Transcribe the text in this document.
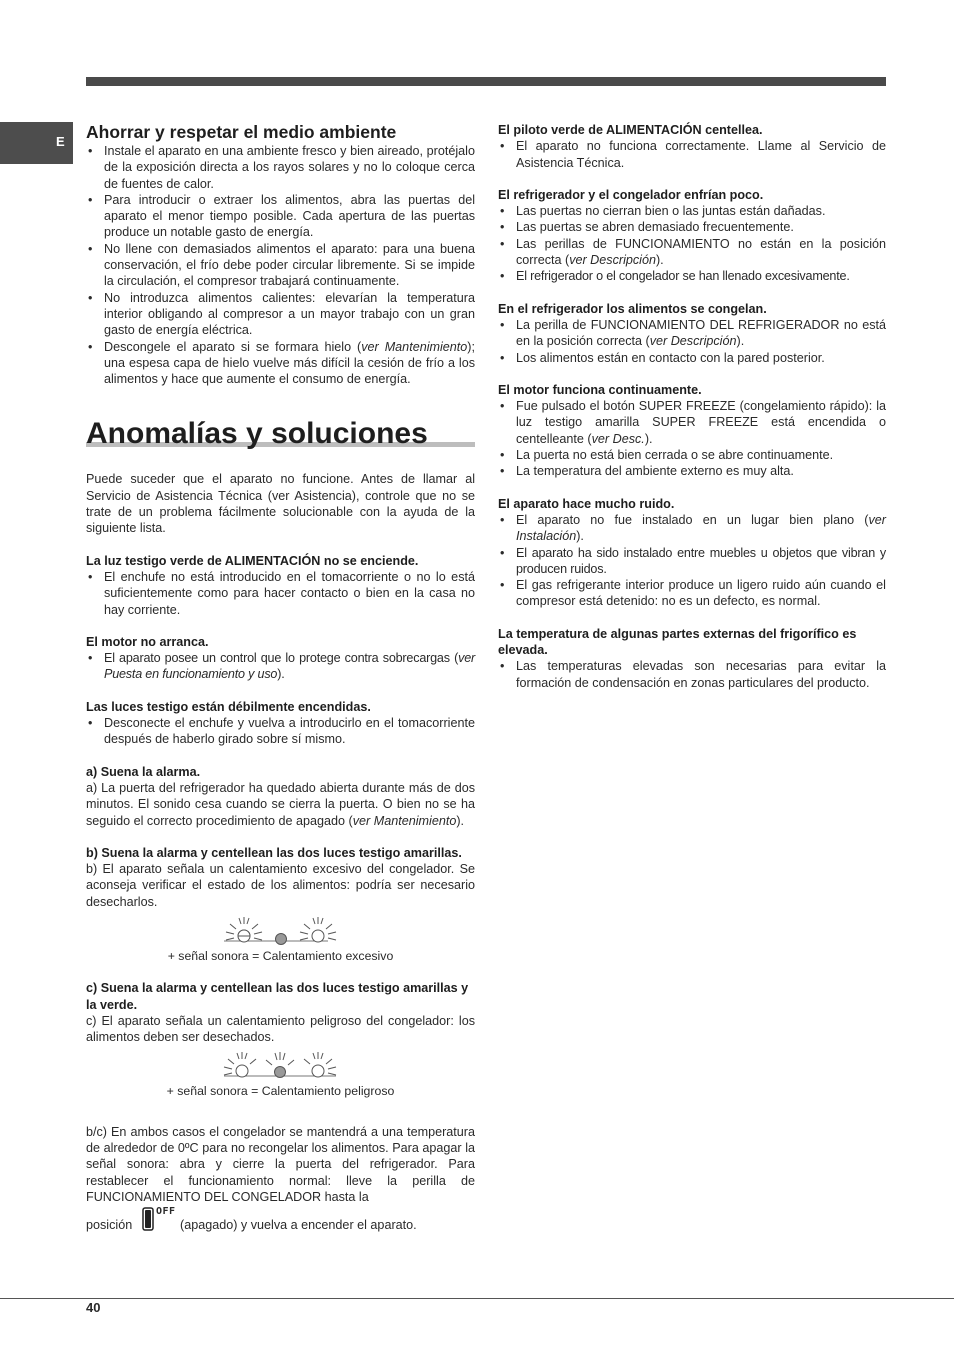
E Ahorrar y respetar el medio ambiente
• Instale el aparato en una ambiente fresco y bien aireado, protéjalo de la exposición directa a los rayos solares y no lo coloque cerca de fuentes de calor.
• Para introducir o extraer los alimentos, abra las puertas del aparato el menor tiempo posible. Cada apertura de las puertas produce un notable gasto de energía.
• No llene con demasiados alimentos el aparato: para una buena conservación, el frío debe poder circular libremente. Si se impide la circulación, el compresor trabajará continuamente.
• No introduzca alimentos calientes: elevarían la temperatura interior obligando al compresor a un mayor trabajo con un gran gasto de energía eléctrica.
• Descongele el aparato si se formara hielo (ver Mantenimiento); una espesa capa de hielo vuelve más difícil la cesión de frío a los alimentos y hace que aumente el consumo de energía.
Anomalías y soluciones

Puede suceder que el aparato no funcione. Antes de llamar al Servicio de Asistencia Técnica (ver Asistencia), controle que no se trate de un problema fácilmente solucionable con la ayuda de la siguiente lista.

La luz testigo verde de ALIMENTACIÓN no se enciende.
• El enchufe no está introducido en el tomacorriente o no lo está suficientemente como para hacer contacto o bien en la casa no hay corriente.
El motor no arranca.
• El aparato posee un control que lo protege contra sobrecargas (ver Puesta en funcionamiento y uso).
Las luces testigo están débilmente encendidas.
• Desconecte el enchufe y vuelva a introducirlo en el tomacorriente después de haberlo girado sobre sí mismo.
a) Suena la alarma.

a) La puerta del refrigerador ha quedado abierta durante más de dos minutos. El sonido cesa cuando se cierra la puerta. O bien no se ha seguido el correcto procedimiento de apagado (ver Mantenimiento).

b) Suena la alarma y centellean las dos luces testigo amarillas.

b) El aparato señala un calentamiento excesivo del congelador. Se aconseja verificar el estado de los alimentos: podría ser necesario desecharlos.

+ señal sonora = Calentamiento excesivo
c) Suena la alarma y centellean las dos luces testigo amarillas y la verde.

c) El aparato señala un calentamiento peligroso del congelador: los alimentos deben ser desechados.

+ señal sonora = Calentamiento peligroso

b/c) En ambos casos el congelador se mantendrá a una temperatura de alrededor de 0ºC para no recongelar los alimentos. Para apagar la señal sonora: abra y cierre la puerta del refrigerador. Para restablecer el funcionamiento normal: lleve la perilla de FUNCIONAMIENTO DEL CONGELADOR hasta la

posición
OFF
(apagado) y vuelva a encender el aparato.
El piloto verde de ALIMENTACIÓN centellea.
• El aparato no funciona correctamente. Llame al Servicio de Asistencia Técnica.
El refrigerador y el congelador enfrían poco.
• Las puertas no cierran bien o las juntas están dañadas.
• Las puertas se abren demasiado frecuentemente.
• Las perillas de FUNCIONAMIENTO no están en la posición correcta (ver Descripción).
• El refrigerador o el congelador se han llenado excesivamente.
En el refrigerador los alimentos se congelan.
• La perilla de FUNCIONAMIENTO DEL REFRIGERADOR no está en la posición correcta (ver Descripción).
• Los alimentos están en contacto con la pared posterior.
El motor funciona continuamente.
• Fue pulsado el botón SUPER FREEZE (congelamiento rápido): la luz testigo amarilla SUPER FREEZE está encendida o centelleante (ver Desc.).
• La puerta no está bien cerrada o se abre continuamente.
• La temperatura del ambiente externo es muy alta.
El aparato hace mucho ruido.
• El aparato no fue instalado en un lugar bien plano (ver Instalación).
• El aparato ha sido instalado entre muebles u objetos que vibran y producen ruidos.
• El gas refrigerante interior produce un ligero ruido aún cuando el compresor está detenido: no es un defecto, es normal.
La temperatura de algunas partes externas del frigorífico es elevada.
• Las temperaturas elevadas son necesarias para evitar la formación de condensación en zonas particulares del producto.
40
